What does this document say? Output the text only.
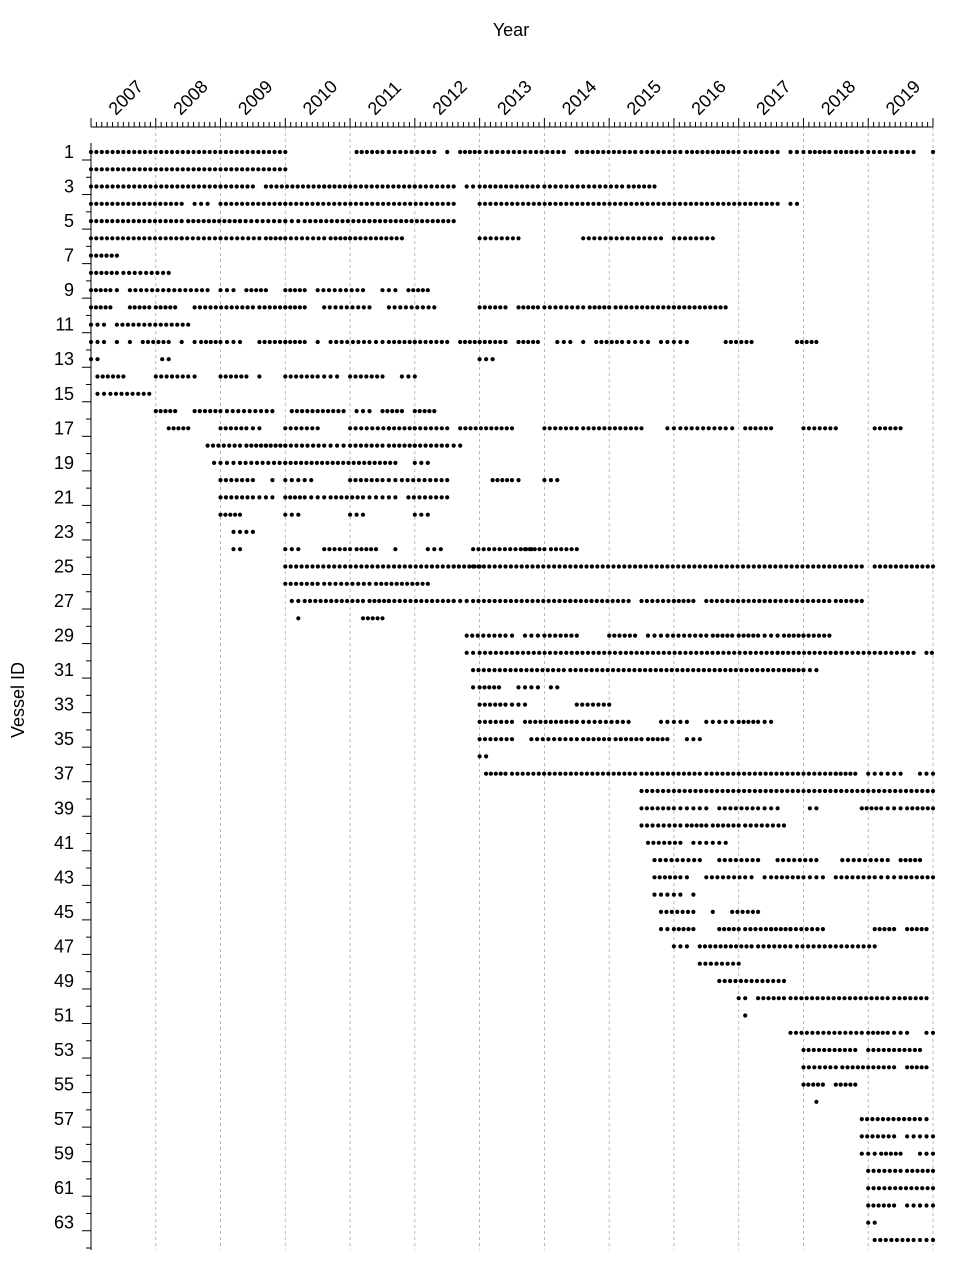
Year
Vessel ID
2007 2008 2009 2010 2011 2012 2013 2014 2015 2016 2017 2018 2019
1
3
5
7
9
11
13
15
17
19
21
23
25
27
29
31
33
35
37
39
41
43
45
47
49
51
53
55
57
59
61
63
